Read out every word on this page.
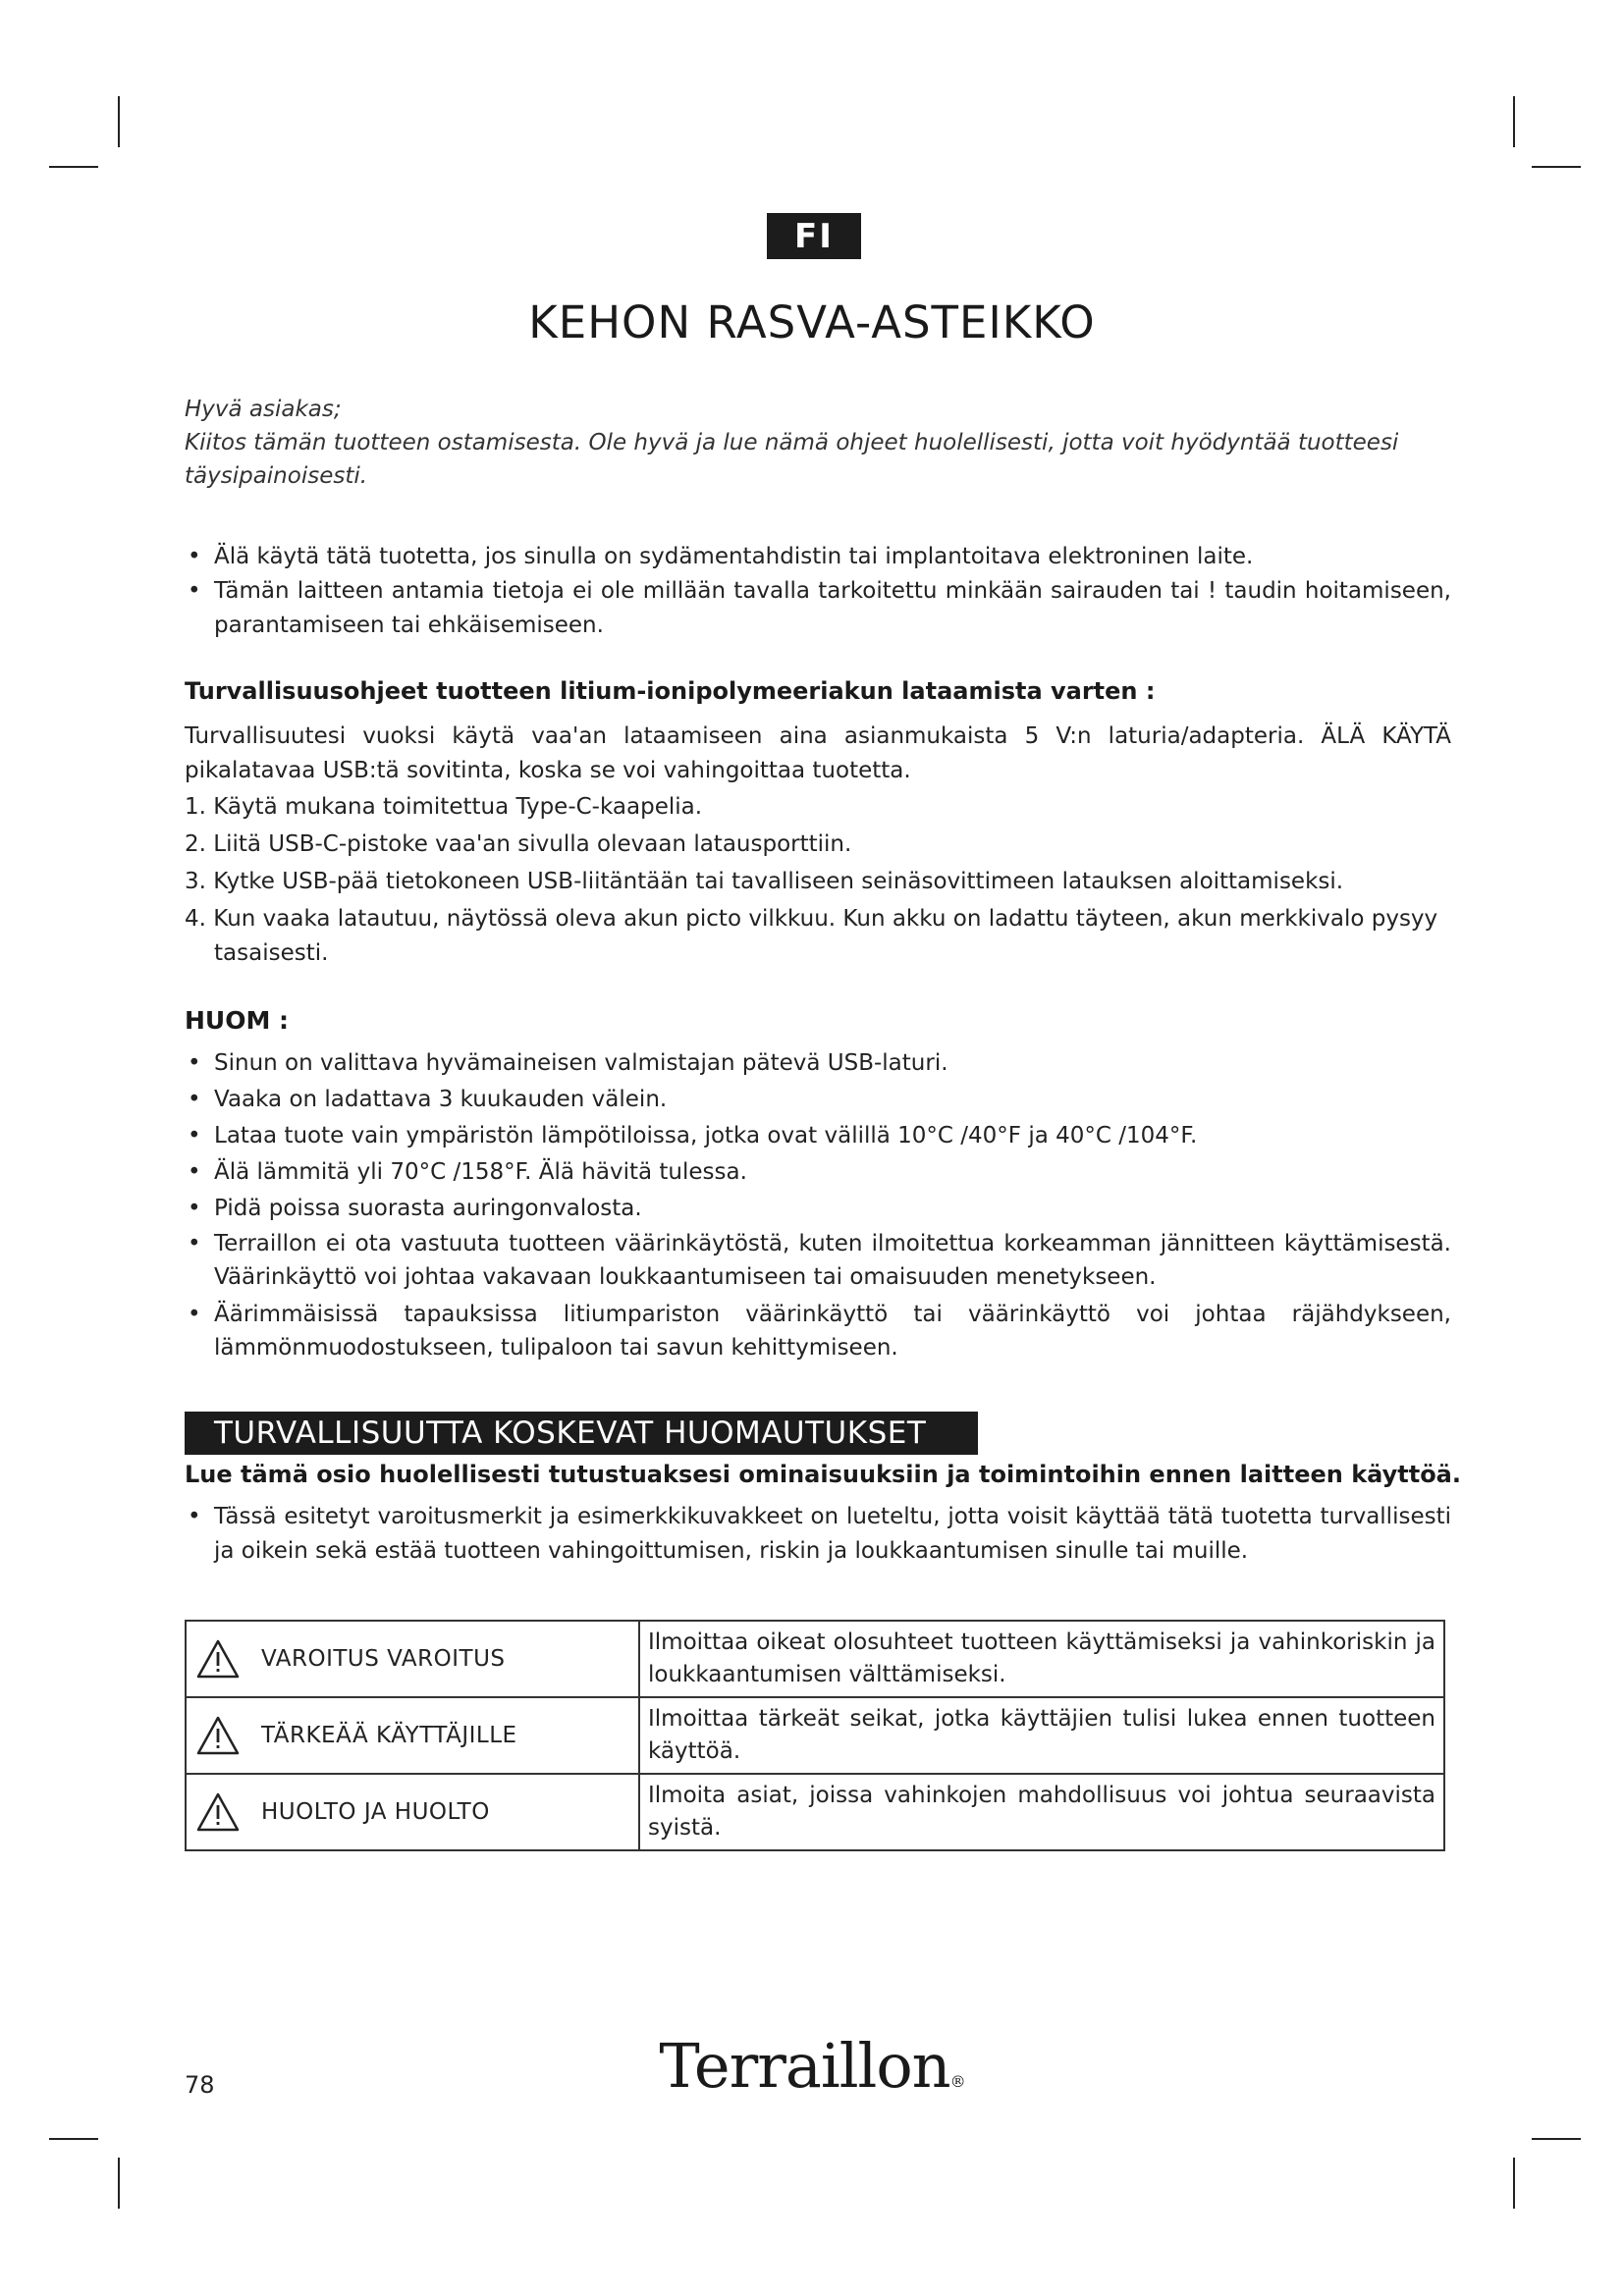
FI
KEHON RASVA-ASTEIKKO
Hyvä asiakas;
Kiitos tämän tuotteen ostamisesta. Ole hyvä ja lue nämä ohjeet huolellisesti, jotta voit hyödyntää tuotteesi täysipainoisesti.
• Älä käytä tätä tuotetta, jos sinulla on sydämentahdistin tai implantoitava elektroninen laite.
• Tämän laitteen antamia tietoja ei ole millään tavalla tarkoitettu minkään sairauden tai ! taudin hoitamiseen, parantamiseen tai ehkäisemiseen.
Turvallisuusohjeet tuotteen litium-ionipolymeeriakun lataamista varten :
Turvallisuutesi vuoksi käytä vaa'an lataamiseen aina asianmukaista 5 V:n laturia/adapteria. ÄLÄ KÄYTÄ pikalatavaa USB:tä sovitinta, koska se voi vahingoittaa tuotetta.
1. Käytä mukana toimitettua Type-C-kaapelia.
2. Liitä USB-C-pistoke vaa'an sivulla olevaan latausporttiin.
3. Kytke USB-pää tietokoneen USB-liitäntään tai tavalliseen seinäsovittimeen latauksen aloittamiseksi.
4. Kun vaaka latautuu, näytössä oleva akun picto vilkkuu. Kun akku on ladattu täyteen, akun merkkivalo pysyy tasaisesti.
HUOM :
• Sinun on valittava hyvämaineisen valmistajan pätevä USB-laturi.
• Vaaka on ladattava 3 kuukauden välein.
• Lataa tuote vain ympäristön lämpötiloissa, jotka ovat välillä 10°C /40°F ja 40°C /104°F.
• Älä lämmitä yli 70°C /158°F. Älä hävitä tulessa.
• Pidä poissa suorasta auringonvalosta.
• Terraillon ei ota vastuuta tuotteen väärinkäytöstä, kuten ilmoitettua korkeamman jännitteen käyttämisestä. Väärinkäyttö voi johtaa vakavaan loukkaantumiseen tai omaisuuden menetykseen.
• Äärimmäisissä tapauksissa litiumpariston väärinkäyttö tai väärinkäyttö voi johtaa räjähdykseen, lämmönmuodostukseen, tulipaloon tai savun kehittymiseen.
TURVALLISUUTTA KOSKEVAT HUOMAUTUKSET
Lue tämä osio huolellisesti tutustuaksesi ominaisuuksiin ja toimintoihin ennen laitteen käyttöä.
• Tässä esitetyt varoitusmerkit ja esimerkkikuvakkeet on lueteltu, jotta voisit käyttää tätä tuotetta turvallisesti ja oikein sekä estää tuotteen vahingoittumisen, riskin ja loukkaantumisen sinulle tai muille.
VAROITUS VAROITUS	Ilmoittaa oikeat olosuhteet tuotteen käyttämiseksi ja vahinkoriskin ja loukkaantumisen välttämiseksi.
TÄRKEÄÄ KÄYTTÄJILLE	Ilmoittaa tärkeät seikat, jotka käyttäjien tulisi lukea ennen tuotteen käyttöä.
HUOLTO JA HUOLTO	Ilmoita asiat, joissa vahinkojen mahdollisuus voi johtua seuraavista syistä.
78	Terraillon®
